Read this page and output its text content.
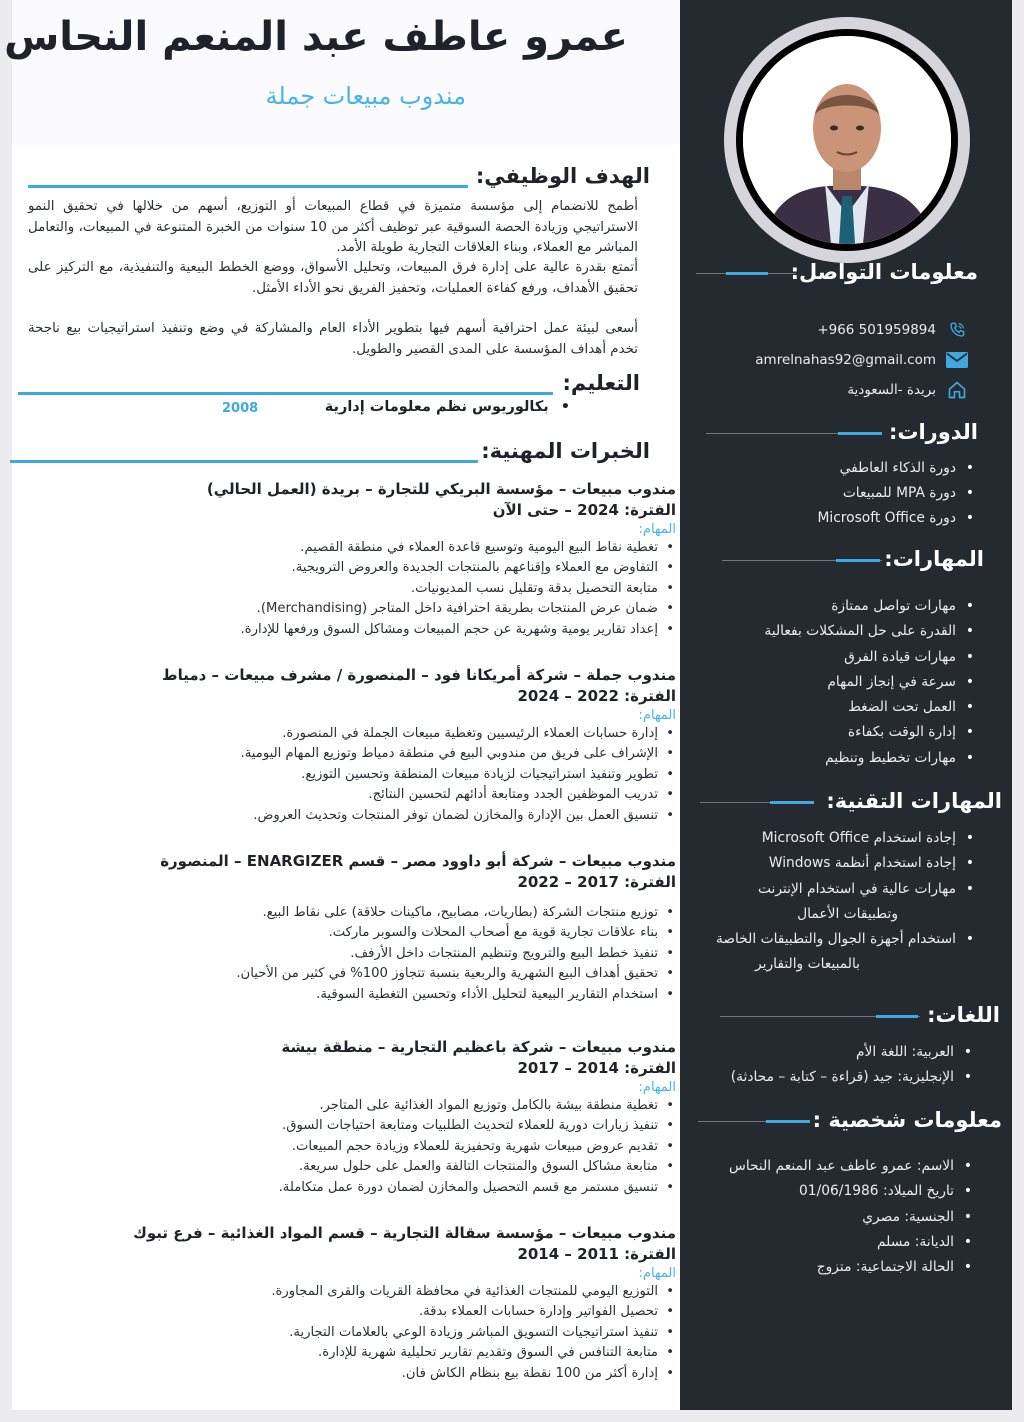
عمرو عاطف عبد المنعم النحاس
مندوب مبيعات جملة
الهدف الوظيفي:
أطمح للانضمام إلى مؤسسة متميزة في قطاع المبيعات أو التوزيع، أسهم من خلالها في تحقيق النمو الاستراتيجي وزيادة الحصة السوقية عبر توظيف أكثر من 10 سنوات من الخبرة المتنوعة في المبيعات، والتعامل المباشر مع العملاء، وبناء العلاقات التجارية طويلة الأمد.
أتمتع بقدرة عالية على إدارة فرق المبيعات، وتحليل الأسواق، ووضع الخطط البيعية والتنفيذية، مع التركيز على تحقيق الأهداف، ورفع كفاءة العمليات، وتحفيز الفريق نحو الأداء الأمثل.
أسعى لبيئة عمل احترافية أسهم فيها بتطوير الأداء العام والمشاركة في وضع وتنفيذ استراتيجيات بيع ناجحة تخدم أهداف المؤسسة على المدى القصير والطويل.
التعليم:
• بكالوريوس نظم معلومات إدارية
2008
الخبرات المهنية:
مندوب مبيعات – مؤسسة البريكي للتجارة – بريدة (العمل الحالي)
الفترة: 2024 – حتى الآن
المهام:
• تغطية نقاط البيع اليومية وتوسيع قاعدة العملاء في منطقة القصيم.
• التفاوض مع العملاء وإقناعهم بالمنتجات الجديدة والعروض الترويجية.
• متابعة التحصيل بدقة وتقليل نسب المديونيات.
• ضمان عرض المنتجات بطريقة احترافية داخل المتاجر (Merchandising).
• إعداد تقارير يومية وشهرية عن حجم المبيعات ومشاكل السوق ورفعها للإدارة.
مندوب جملة – شركة أمريكانا فود – المنصورة / مشرف مبيعات – دمياط
الفترة: 2022 – 2024
المهام:
• إدارة حسابات العملاء الرئيسيين وتغطية مبيعات الجملة في المنصورة.
• الإشراف على فريق من مندوبي البيع في منطقة دمياط وتوزيع المهام اليومية.
• تطوير وتنفيذ استراتيجيات لزيادة مبيعات المنطقة وتحسين التوزيع.
• تدريب الموظفين الجدد ومتابعة أدائهم لتحسين النتائج.
• تنسيق العمل بين الإدارة والمخازن لضمان توفر المنتجات وتحديث العروض.
مندوب مبيعات – شركة أبو داوود مصر – قسم ENARGIZER – المنصورة
الفترة: 2017 – 2022
• توزيع منتجات الشركة (بطاريات، مصابيح، ماكينات حلاقة) على نقاط البيع.
• بناء علاقات تجارية قوية مع أصحاب المحلات والسوبر ماركت.
• تنفيذ خطط البيع والترويج وتنظيم المنتجات داخل الأرفف.
• تحقيق أهداف البيع الشهرية والربعية بنسبة تتجاوز 100% في كثير من الأحيان.
• استخدام التقارير البيعية لتحليل الأداء وتحسين التغطية السوقية.
مندوب مبيعات – شركة باعظيم التجارية – منطقة بيشة
الفترة: 2014 – 2017
المهام:
• تغطية منطقة بيشة بالكامل وتوزيع المواد الغذائية على المتاجر.
• تنفيذ زيارات دورية للعملاء لتحديث الطلبيات ومتابعة احتياجات السوق.
• تقديم عروض مبيعات شهرية وتحفيزية للعملاء وزيادة حجم المبيعات.
• متابعة مشاكل السوق والمنتجات التالفة والعمل على حلول سريعة.
• تنسيق مستمر مع قسم التحصيل والمخازن لضمان دورة عمل متكاملة.
مندوب مبيعات – مؤسسة سقالة التجارية – قسم المواد الغذائية – فرع تبوك
الفترة: 2011 – 2014
المهام:
• التوزيع اليومي للمنتجات الغذائية في محافظة القريات والقرى المجاورة.
• تحصيل الفواتير وإدارة حسابات العملاء بدقة.
• تنفيذ استراتيجيات التسويق المباشر وزيادة الوعي بالعلامات التجارية.
• متابعة التنافس في السوق وتقديم تقارير تحليلية شهرية للإدارة.
• إدارة أكثر من 100 نقطة بيع بنظام الكاش فان.
معلومات التواصل:
+966 501959894
amrelnahas92@gmail.com
بريدة -السعودية
الدورات:
• دورة الذكاء العاطفي
• دورة MPA للمبيعات
• دورة Microsoft Office
المهارات:
• مهارات تواصل ممتازة
• القدرة على حل المشكلات بفعالية
• مهارات قيادة الفرق
• سرعة في إنجاز المهام
• العمل تحت الضغط
• إدارة الوقت بكفاءة
• مهارات تخطيط وتنظيم
المهارات التقنية:
• إجادة استخدام Microsoft Office
• إجادة استخدام أنظمة Windows
• مهارات عالية في استخدام الإنترنت
وتطبيقات الأعمال
• استخدام أجهزة الجوال والتطبيقات الخاصة
بالمبيعات والتقارير
اللغات:
• العربية: اللغة الأم
• الإنجليزية: جيد (قراءة – كتابة – محادثة)
معلومات شخصية :
• الاسم: عمرو عاطف عبد المنعم النحاس
• تاريخ الميلاد: 01/06/1986
• الجنسية: مصري
• الديانة: مسلم
• الحالة الاجتماعية: متزوج
